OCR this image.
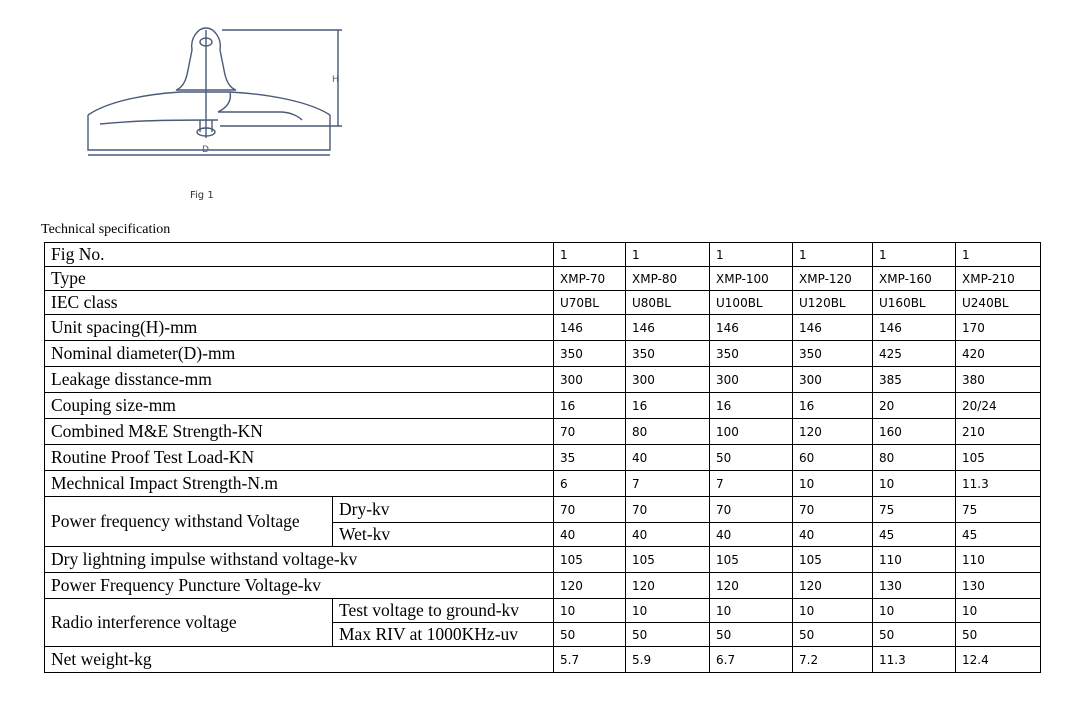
H
D
Fig 1
Technical specification
Fig No.		1	1	1	1	1	1
Type		XMP-70	XMP-80	XMP-100	XMP-120	XMP-160	XMP-210
IEC class		U70BL	U80BL	U100BL	U120BL	U160BL	U240BL
Unit spacing(H)-mm		146	146	146	146	146	170
Nominal diameter(D)-mm		350	350	350	350	425	420
Leakage disstance-mm		300	300	300	300	385	380
Couping size-mm		16	16	16	16	20	20/24
Combined M&E Strength-KN		70	80	100	120	160	210
Routine Proof Test Load-KN		35	40	50	60	80	105
Mechnical Impact Strength-N.m		6	7	7	10	10	11.3
Power frequency withstand Voltage	Dry-kv	70	70	70	70	75	75
	Wet-kv	40	40	40	40	45	45
Dry lightning impulse withstand voltage-kv		105	105	105	105	110	110
Power Frequency Puncture Voltage-kv		120	120	120	120	130	130
Radio interference voltage	Test voltage to ground-kv	10	10	10	10	10	10
	Max RIV at 1000KHz-uv	50	50	50	50	50	50
Net weight-kg		5.7	5.9	6.7	7.2	11.3	12.4
